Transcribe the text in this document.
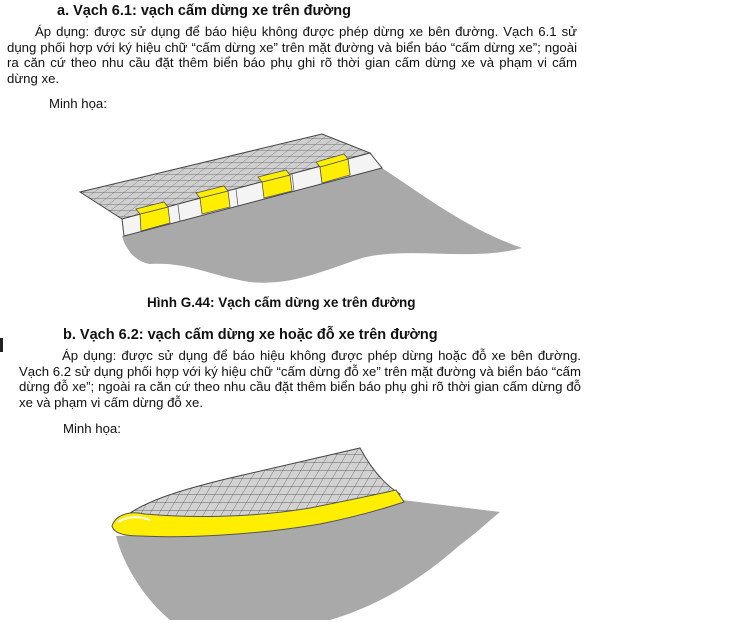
a. Vạch 6.1: vạch cấm dừng xe trên đường
Áp dụng: được sử dụng để báo hiệu không được phép dừng xe bên đường. Vạch 6.1 sử dụng phối hợp với ký hiệu chữ “cấm dừng xe” trên mặt đường và biển báo “cấm dừng xe”; ngoài ra căn cứ theo nhu cầu đặt thêm biển báo phụ ghi rõ thời gian cấm dừng xe và phạm vi cấm dừng xe.
Minh họa:
Hình G.44: Vạch cấm dừng xe trên đường
b. Vạch 6.2: vạch cấm dừng xe hoặc đỗ xe trên đường
Áp dụng: được sử dụng để báo hiệu không được phép dừng hoặc đỗ xe bên đường. Vạch 6.2 sử dụng phối hợp với ký hiệu chữ “cấm dừng đỗ xe” trên mặt đường và biển báo “cấm dừng đỗ xe”; ngoài ra căn cứ theo nhu cầu đặt thêm biển báo phụ ghi rõ thời gian cấm dừng đỗ xe và phạm vi cấm dừng đỗ xe.
Minh họa:
